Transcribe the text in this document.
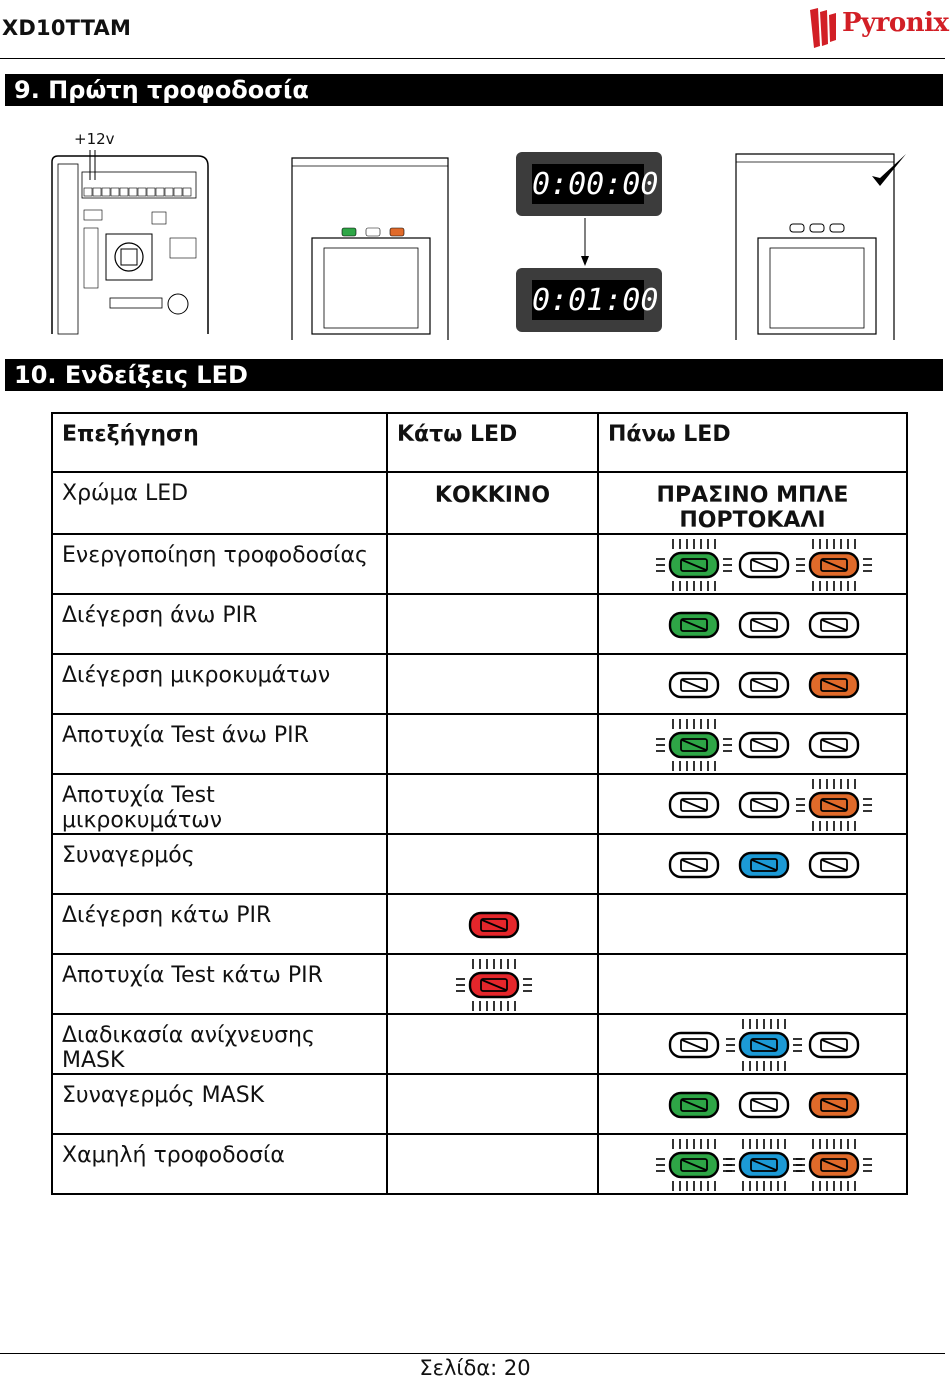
XD10TTAM	Pyronix
9. Πρώτη τροφοδοσία
+12v
0:00:00
0:01:00
10. Ενδείξεις LED
Επεξήγηση	Κάτω LED	Πάνω LED
Χρώμα LED	ΚΟΚΚΙΝΟ	ΠΡΑΣΙΝΟ ΜΠΛΕ ΠΟΡΤΟΚΑΛΙ
Ενεργοποίηση τροφοδοσίας		

Διέγερση άνω PIR		

Διέγερση μικροκυμάτων		

Αποτυχία Test άνω PIR		

Αποτυχία Test μικροκυμάτων		

Συναγερμός		

Διέγερση κάτω PIR	

Αποτυχία Test κάτω PIR	

Διαδικασία ανίχνευσης MASK		

Συναγερμός MASK		

Χαμηλή τροφοδοσία		
Σελίδα: 20
